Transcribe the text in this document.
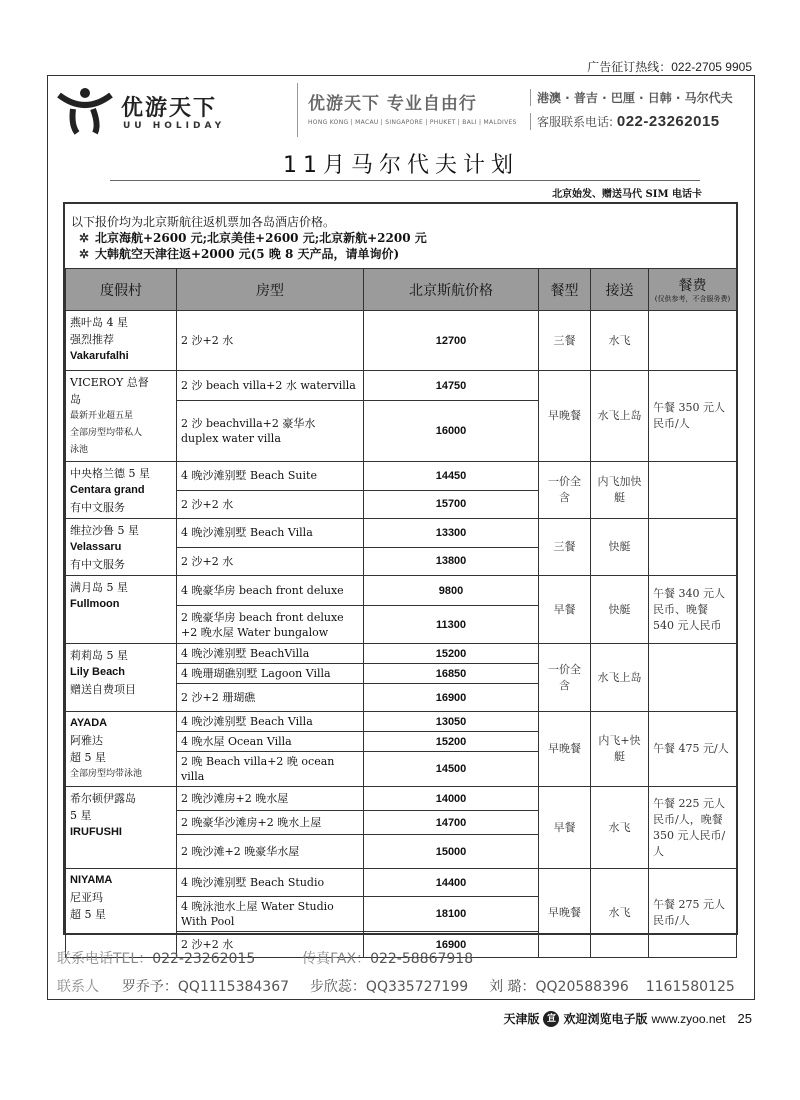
广告征订热线：022-2705 9905
优游天下
UU HOLIDAY
优游天下 专业自由行
HONG KONG | MACAU | SINGAPORE | PHUKET | BALI | MALDIVES
港澳 · 普吉 · 巴厘 · 日韩 · 马尔代夫
客服联系电话: 022-23262015
11月马尔代夫计划
北京始发、赠送马代 SIM 电话卡
以下报价均为北京斯航往返机票加各岛酒店价格。
✲ 北京海航+2600 元;北京美佳+2600 元;北京新航+2200 元
✲ 大韩航空天津往返+2000 元(5 晚 8 天产品，请单询价)
度假村	房型	北京斯航价格	餐型	接送	餐费
(仅供参考，不含服务费)

燕叶岛 4 星
强烈推荐
Vakarufalhi	2 沙+2 水	12700	三餐	水飞	

VICEROY 总督
岛
最新开业超五星
全部房型均带私人
泳池	2 沙 beach villa+2 水 watervilla	14750	早晚餐	水飞上岛	午餐 350 元人民币/人

	2 沙 beachvilla+2 豪华水
duplex water villa	16000			

中央格兰德 5 星
Centara grand
有中文服务	4 晚沙滩别墅 Beach Suite	14450	一价全含	内飞加快艇	

	2 沙+2 水	15700			

维拉沙鲁 5 星
Velassaru
有中文服务	4 晚沙滩别墅 Beach Villa	13300	三餐	快艇	

	2 沙+2 水	13800			

满月岛 5 星
Fullmoon	4 晚豪华房 beach front deluxe	9800	早餐	快艇	午餐 340 元人民币、晚餐 540 元人民币

	2 晚豪华房 beach front deluxe
+2 晚水屋 Water bungalow	11300			

莉莉岛 5 星
Lily Beach
赠送自费项目	4 晚沙滩别墅 BeachVilla	15200	一价全含	水飞上岛	

	4 晚珊瑚礁别墅 Lagoon Villa	16850			

	2 沙+2 珊瑚礁	16900			

AYADA
阿雅达
超 5 星
全部房型均带泳池	4 晚沙滩别墅 Beach Villa	13050	早晚餐	内飞+快艇	午餐 475 元/人

	4 晚水屋 Ocean Villa	15200			

	2 晚 Beach villa+2 晚 ocean
villa	14500			

希尔顿伊露岛
5 星
IRUFUSHI	2 晚沙滩房+2 晚水屋	14000	早餐	水飞	午餐 225 元人民币/人，晚餐 350 元人民币/人

	2 晚豪华沙滩房+2 晚水上屋	14700			

	2 晚沙滩+2 晚豪华水屋	15000			

NIYAMA
尼亚玛
超 5 星	4 晚沙滩别墅 Beach Studio	14400	早晚餐	水飞	午餐 275 元人民币/人

	4 晚泳池水上屋 Water Studio
With Pool	18100			

	2 沙+2 水	16900			
联系电话TEL：022-23262015	传真FAX：022-58867918
联系人 罗乔予：QQ1115384367 步欣蕊：QQ335727199 刘 璐：QQ20588396 1161580125
天津版 宣 欢迎浏览电子版 www.zyoo.net 25
